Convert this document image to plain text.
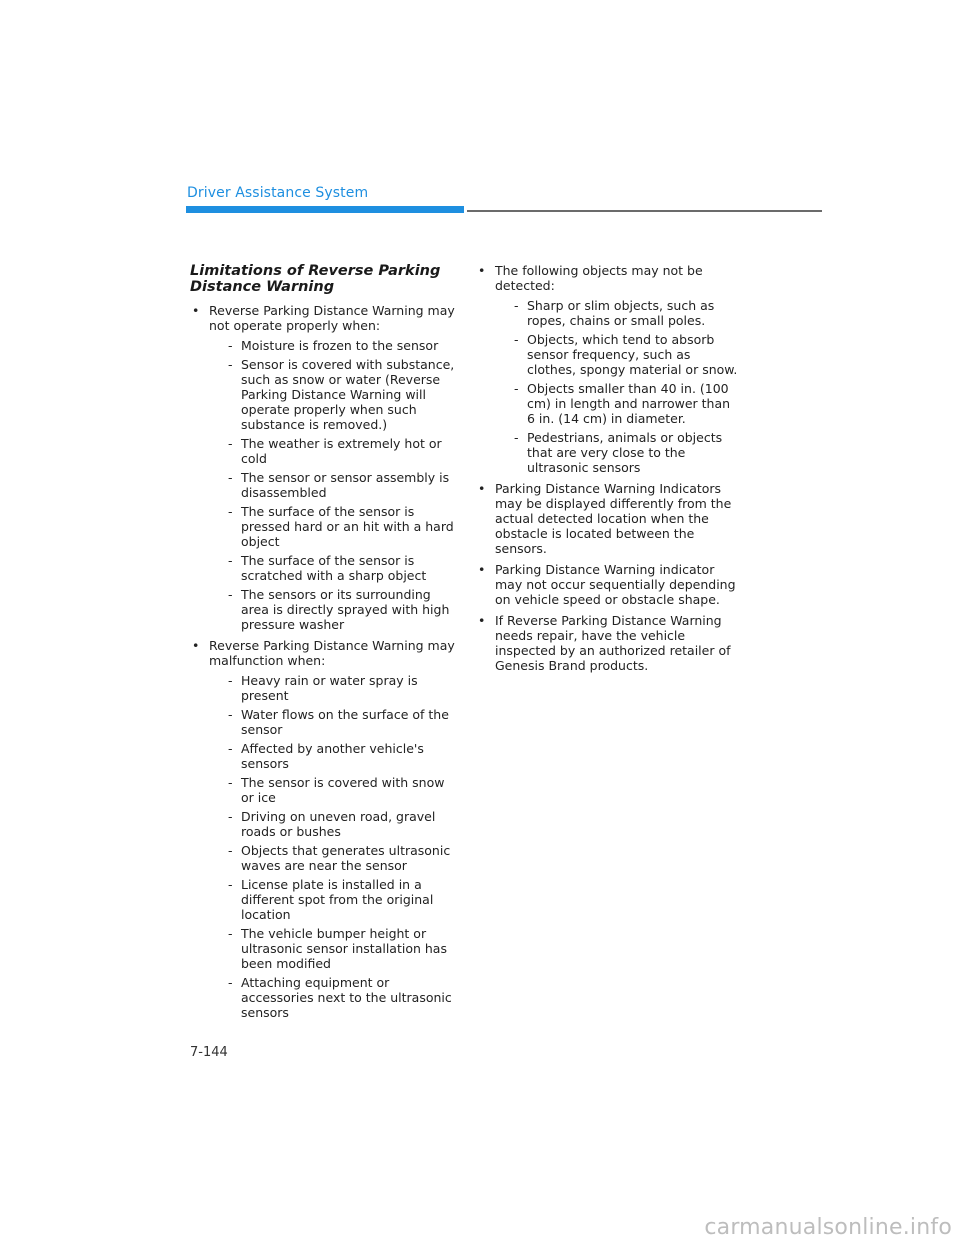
Driver Assistance System
Limitations of Reverse Parking Distance Warning
• Reverse Parking Distance Warning may not operate properly when:
- Moisture is frozen to the sensor
- Sensor is covered with substance, such as snow or water (Reverse Parking Distance Warning will operate properly when such substance is removed.)
- The weather is extremely hot or cold
- The sensor or sensor assembly is disassembled
- The surface of the sensor is pressed hard or an hit with a hard object
- The surface of the sensor is scratched with a sharp object
- The sensors or its surrounding area is directly sprayed with high pressure washer
• Reverse Parking Distance Warning may malfunction when:
- Heavy rain or water spray is present
- Water flows on the surface of the sensor
- Affected by another vehicle's sensors
- The sensor is covered with snow or ice
- Driving on uneven road, gravel roads or bushes
- Objects that generates ultrasonic waves are near the sensor
- License plate is installed in a different spot from the original location
- The vehicle bumper height or ultrasonic sensor installation has been modified
- Attaching equipment or accessories next to the ultrasonic sensors
• The following objects may not be detected:
- Sharp or slim objects, such as ropes, chains or small poles.
- Objects, which tend to absorb sensor frequency, such as clothes, spongy material or snow.
- Objects smaller than 40 in. (100 cm) in length and narrower than 6 in. (14 cm) in diameter.
- Pedestrians, animals or objects that are very close to the ultrasonic sensors
• Parking Distance Warning Indicators may be displayed differently from the actual detected location when the obstacle is located between the sensors.
• Parking Distance Warning indicator may not occur sequentially depending on vehicle speed or obstacle shape.
• If Reverse Parking Distance Warning needs repair, have the vehicle inspected by an authorized retailer of Genesis Brand products.
7-144
carmanualsonline.info
